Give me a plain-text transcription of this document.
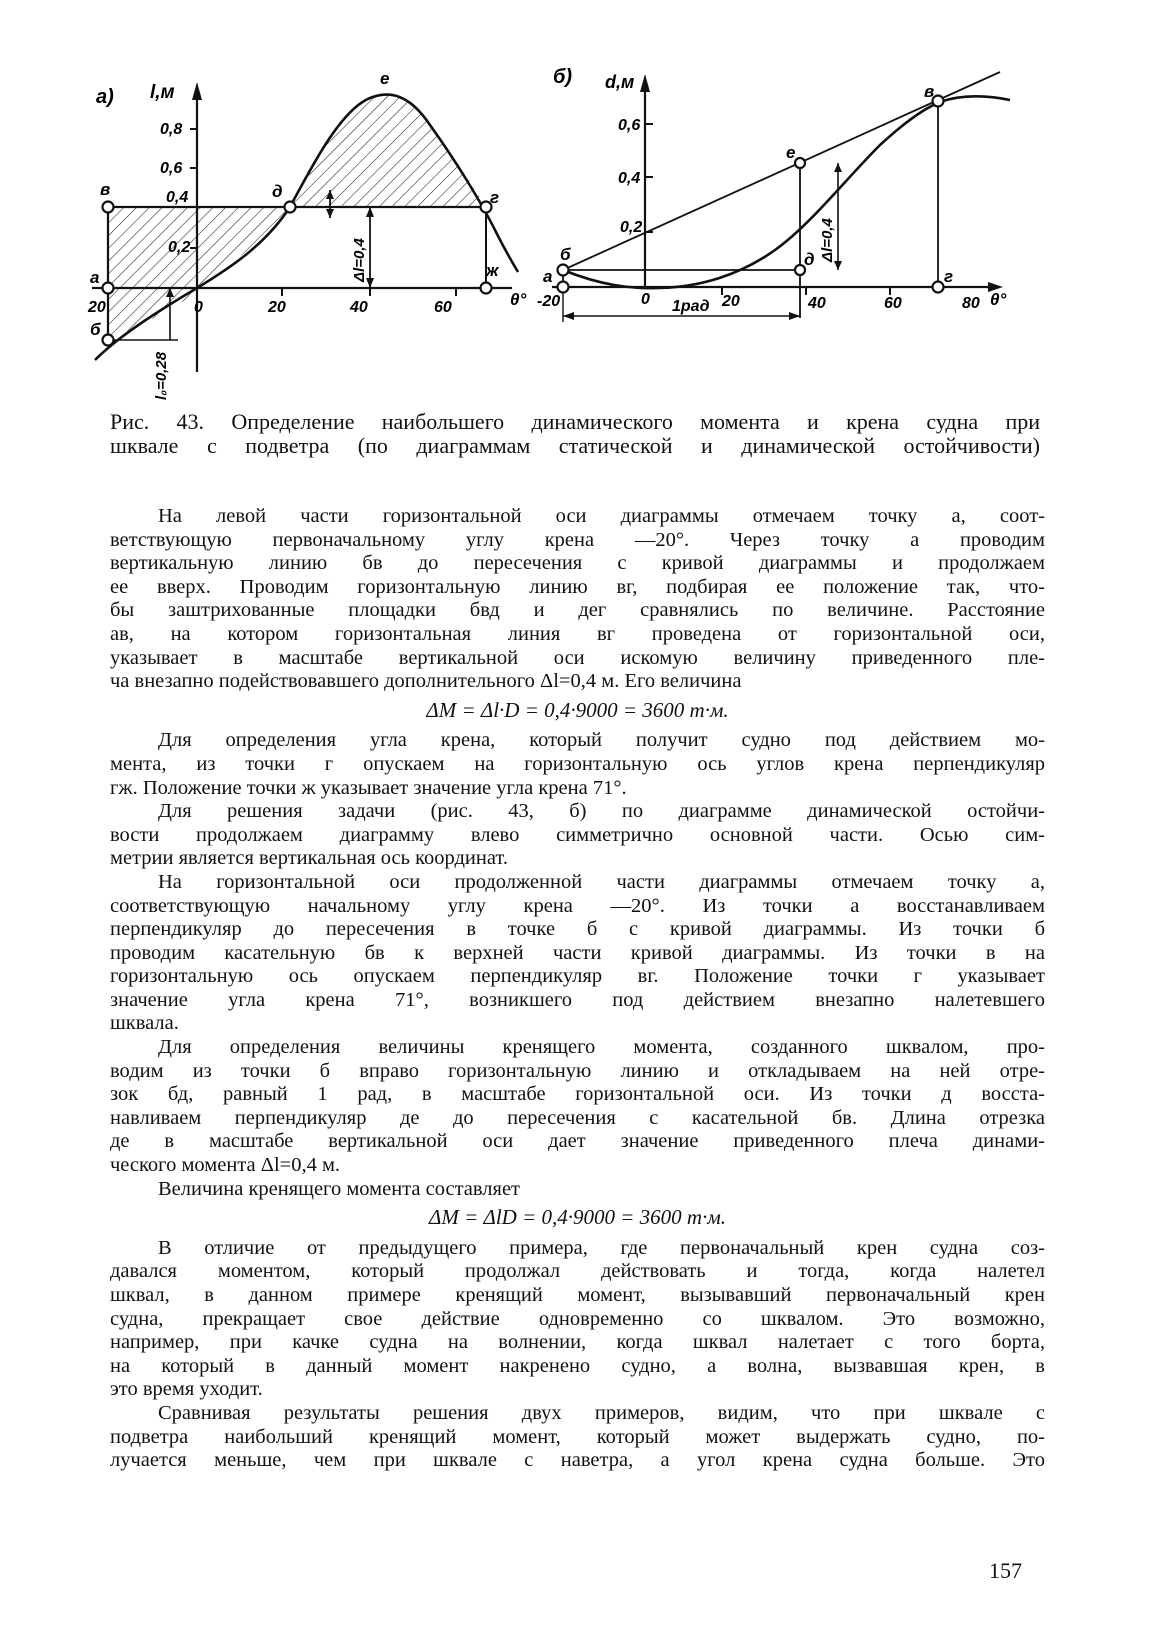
а) l,м
θ°
0,8
0,6
0,4
0,2
20	0	20	40	60
а
б
в	г
д
е
ж
Δl=0,4
l₀=0,28
б) d,м
θ°
0,6
0,4
0,2
-20	0	20	40	60	80
а
б
в
г
д
е
1рад
Δl=0,4
Рис. 43. Определение наибольшего динамического момента и крена судна при
шквале с подветра (по диаграммам статической и динамической остойчивости)
На левой части горизонтальной оси диаграммы отмечаем точку а, соот-
ветствующую первоначальному углу крена —20°. Через точку а проводим
вертикальную линию бв до пересечения с кривой диаграммы и продолжаем
ее вверх. Проводим горизонтальную линию вг, подбирая ее положение так, что-
бы заштрихованные площадки бвд и дег сравнялись по величине. Расстояние
ав, на котором горизонтальная линия вг проведена от горизонтальной оси,
указывает в масштабе вертикальной оси искомую величину приведенного пле-
ча внезапно подействовавшего дополнительного Δl=0,4 м. Его величина
ΔM = Δl·D = 0,4·9000 = 3600 т·м.
Для определения угла крена, который получит судно под действием мо-
мента, из точки г опускаем на горизонтальную ось углов крена перпендикуляр
гж. Положение точки ж указывает значение угла крена 71°.
Для решения задачи (рис. 43, б) по диаграмме динамической остойчи-
вости продолжаем диаграмму влево симметрично основной части. Осью сим-
метрии является вертикальная ось координат.
На горизонтальной оси продолженной части диаграммы отмечаем точку а,
соответствующую начальному углу крена —20°. Из точки а восстанавливаем
перпендикуляр до пересечения в точке б с кривой диаграммы. Из точки б
проводим касательную бв к верхней части кривой диаграммы. Из точки в на
горизонтальную ось опускаем перпендикуляр вг. Положение точки г указывает
значение угла крена 71°, возникшего под действием внезапно налетевшего
шквала.
Для определения величины кренящего момента, созданного шквалом, про-
водим из точки б вправо горизонтальную линию и откладываем на ней отре-
зок бд, равный 1 рад, в масштабе горизонтальной оси. Из точки д восста-
навливаем перпендикуляр де до пересечения с касательной бв. Длина отрезка
де в масштабе вертикальной оси дает значение приведенного плеча динами-
ческого момента Δl=0,4 м.
Величина кренящего момента составляет
ΔM = ΔlD = 0,4·9000 = 3600 т·м.
В отличие от предыдущего примера, где первоначальный крен судна соз-
давался моментом, который продолжал действовать и тогда, когда налетел
шквал, в данном примере кренящий момент, вызывавший первоначальный крен
судна, прекращает свое действие одновременно со шквалом. Это возможно,
например, при качке судна на волнении, когда шквал налетает с того борта,
на который в данный момент накренено судно, а волна, вызвавшая крен, в
это время уходит.
Сравнивая результаты решения двух примеров, видим, что при шквале с
подветра наибольший кренящий момент, который может выдержать судно, по-
лучается меньше, чем при шквале с наветра, а угол крена судна больше. Это
157
